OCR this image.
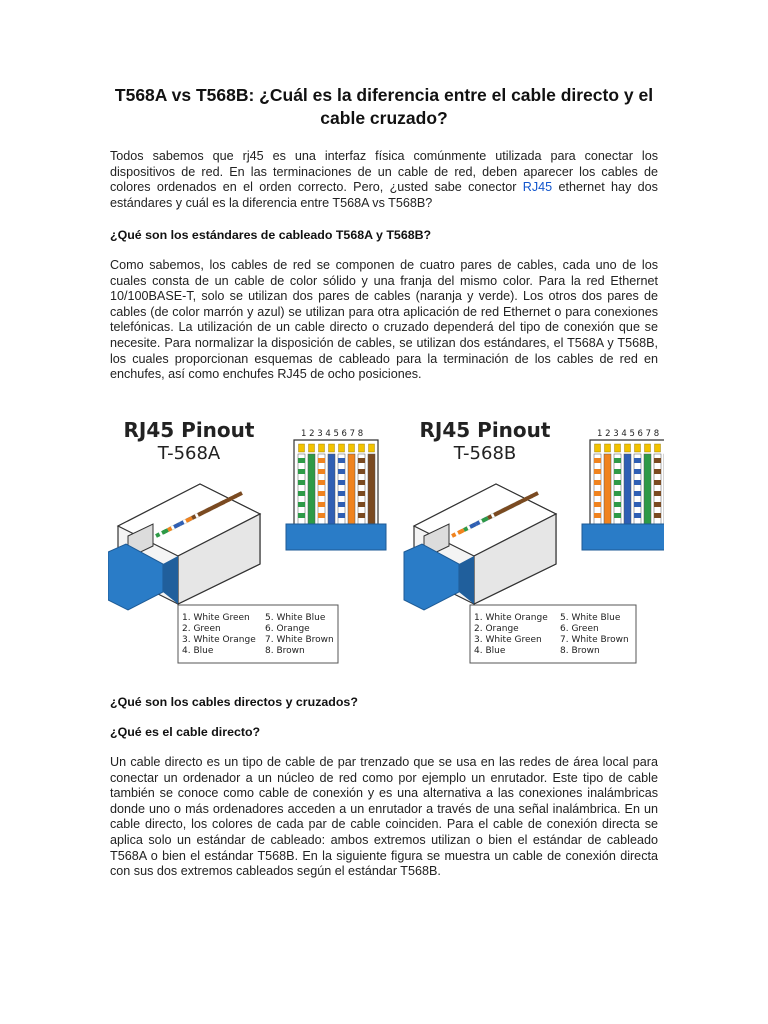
T568A vs T568B: ¿Cuál es la diferencia entre el cable directo y el cable cruzado?

Todos sabemos que rj45 es una interfaz física comúnmente utilizada para conectar los dispositivos de red. En las terminaciones de un cable de red, deben aparecer los cables de colores ordenados en el orden correcto. Pero, ¿usted sabe conector RJ45 ethernet hay dos estándares y cuál es la diferencia entre T568A vs T568B?

¿Qué son los estándares de cableado T568A y T568B?

Como sabemos, los cables de red se componen de cuatro pares de cables, cada uno de los cuales consta de un cable de color sólido y una franja del mismo color. Para la red Ethernet 10/100BASE-T, solo se utilizan dos pares de cables (naranja y verde). Los otros dos pares de cables (de color marrón y azul) se utilizan para otra aplicación de red Ethernet o para conexiones telefónicas. La utilización de un cable directo o cruzado dependerá del tipo de conexión que se necesite. Para normalizar la disposición de cables, se utilizan dos estándares, el T568A y T568B, los cuales proporcionan esquemas de cableado para la terminación de los cables de red en enchufes, así como enchufes RJ45 de ocho posiciones.

RJ45 Pinout
T-568A
1 2 3 4 5 6 7 8
1. White Green
2. Green
3. White Orange
4. Blue
5. White Blue
6. Orange
7. White Brown
8. Brown
RJ45 Pinout
T-568B
1 2 3 4 5 6 7 8
1. White Orange
2. Orange
3. White Green
4. Blue
5. White Blue
6. Green
7. White Brown
8. Brown
¿Qué son los cables directos y cruzados?
¿Qué es el cable directo?

Un cable directo es un tipo de cable de par trenzado que se usa en las redes de área local para conectar un ordenador a un núcleo de red como por ejemplo un enrutador. Este tipo de cable también se conoce como cable de conexión y es una alternativa a las conexiones inalámbricas donde uno o más ordenadores acceden a un enrutador a través de una señal inalámbrica. En un cable directo, los colores de cada par de cable coinciden. Para el cable de conexión directa se aplica solo un estándar de cableado: ambos extremos utilizan o bien el estándar de cableado T568A o bien el estándar T568B. En la siguiente figura se muestra un cable de conexión directa con sus dos extremos cableados según el estándar T568B.
